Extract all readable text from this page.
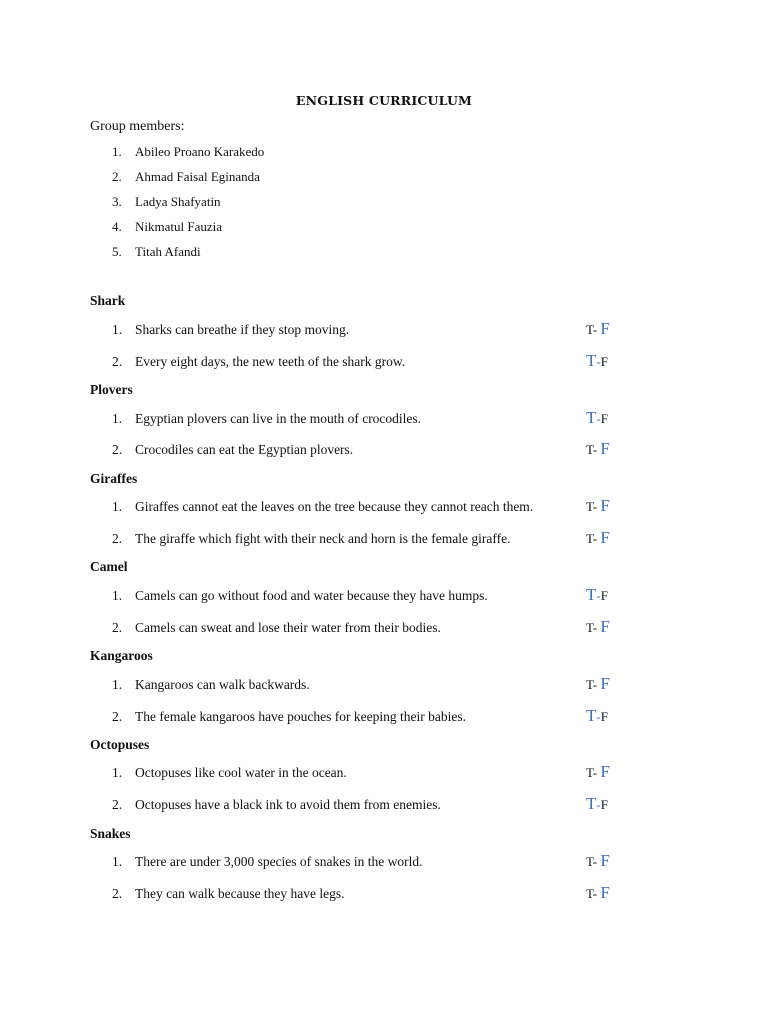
ENGLISH CURRICULUM
Group members:
1. Abileo Proano Karakedo
2. Ahmad Faisal Eginanda
3. Ladya Shafyatin
4. Nikmatul Fauzia
5. Titah Afandi
Shark
1. Sharks can breathe if they stop moving.	T- F
2. Every eight days, the new teeth of the shark grow.	T-F
Plovers
1. Egyptian plovers can live in the mouth of crocodiles.	T-F
2. Crocodiles can eat the Egyptian plovers.	T- F
Giraffes
1. Giraffes cannot eat the leaves on the tree because they cannot reach them.	T- F
2. The giraffe which fight with their neck and horn is the female giraffe.	T- F
Camel
1. Camels can go without food and water because they have humps.	T-F
2. Camels can sweat and lose their water from their bodies.	T- F
Kangaroos
1. Kangaroos can walk backwards.	T- F
2. The female kangaroos have pouches for keeping their babies.	T-F
Octopuses
1. Octopuses like cool water in the ocean.	T- F
2. Octopuses have a black ink to avoid them from enemies.	T-F
Snakes
1. There are under 3,000 species of snakes in the world.	T- F
2. They can walk because they have legs.	T- F
